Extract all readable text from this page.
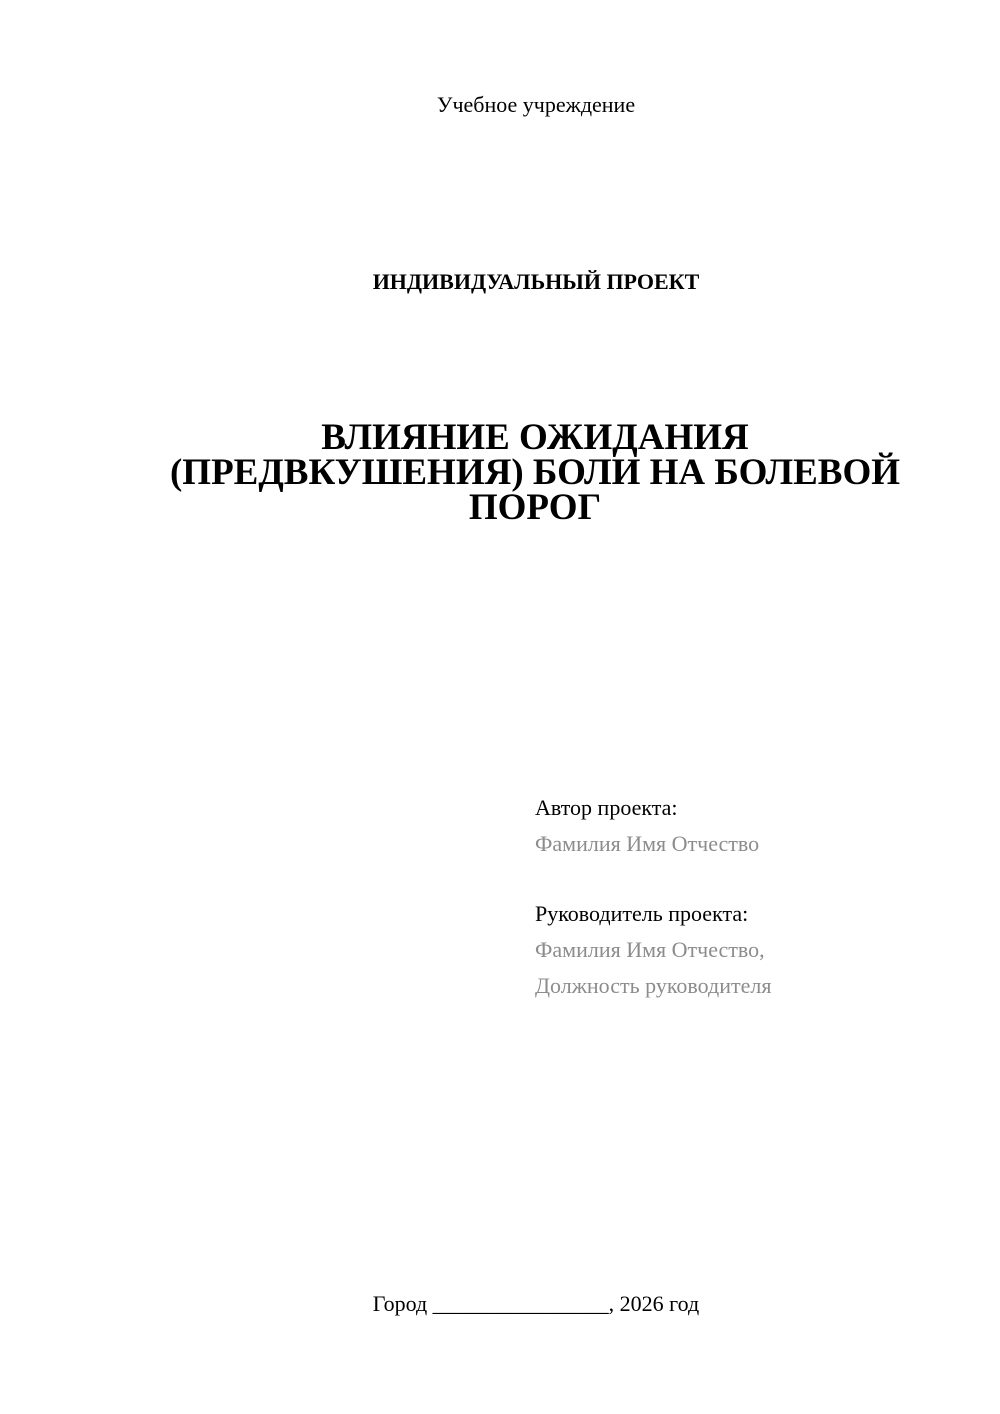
Учебное учреждение
ИНДИВИДУАЛЬНЫЙ ПРОЕКТ
ВЛИЯНИЕ ОЖИДАНИЯ
(ПРЕДВКУШЕНИЯ) БОЛИ НА БОЛЕВОЙ
ПОРОГ
Автор проекта:
Фамилия Имя Отчество
Руководитель проекта:
Фамилия Имя Отчество,
Должность руководителя
Город ________________, 2026 год
